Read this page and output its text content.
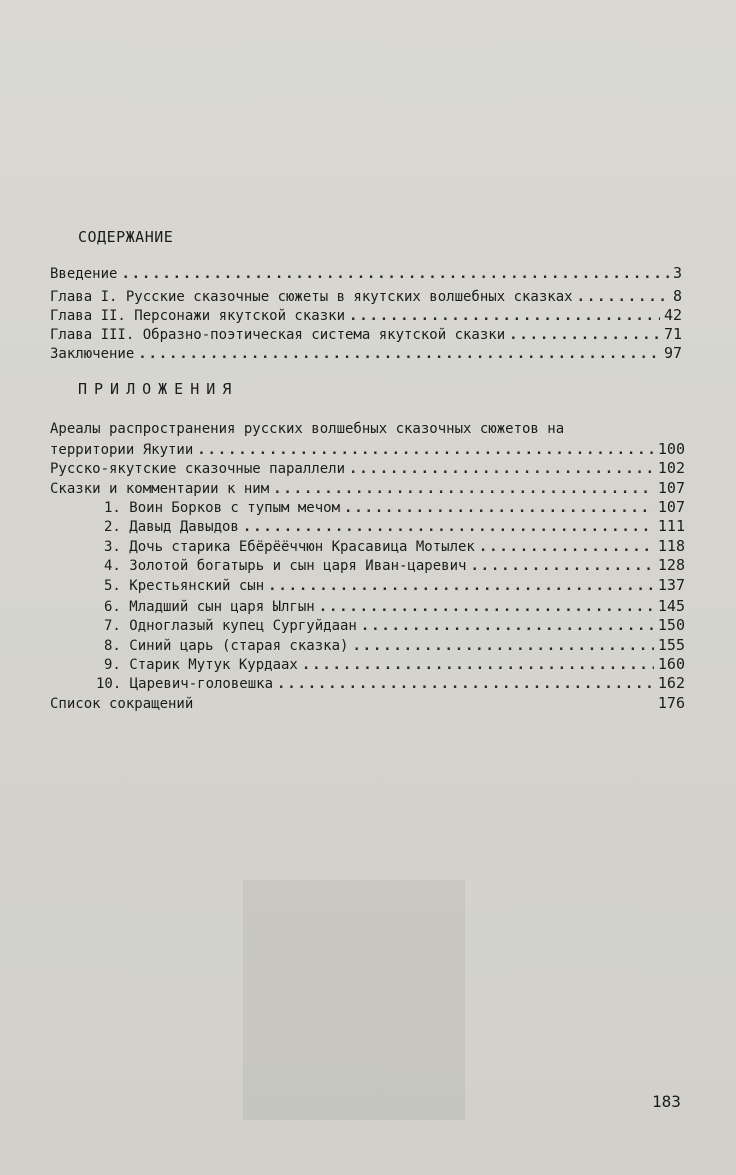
СОДЕРЖАНИЕ
Введение .....	3
Глава I. Русские сказочные сюжеты в якутских волшебных сказках .....	8
Глава II. Персонажи якутской сказки .....	42
Глава III. Образно-поэтическая система якутской сказки .....	71
Заключение .....	97
ПРИЛОЖЕНИЯ
Ареалы распространения русских волшебных сказочных сюжетов на
территории Якутии .....	100
Русско-якутские сказочные параллели .....	102
Сказки и комментарии к ним .....	107
1. Воин Борков с тупым мечом .....	107
2. Давыд Давыдов .....	111
3. Дочь старика Ебёрёёччюн Красавица Мотылек .....	118
4. Золотой богатырь и сын царя Иван-царевич .....	128
5. Крестьянский сын .....	137
6. Младший сын царя Ылгын .....	145
7. Одноглазый купец Сургуйдаан .....	150
8. Синий царь (старая сказка) .....	155
9. Старик Мутук Курдаах .....	160
10. Царевич-головешка .....	162
Список сокращений	176
183
